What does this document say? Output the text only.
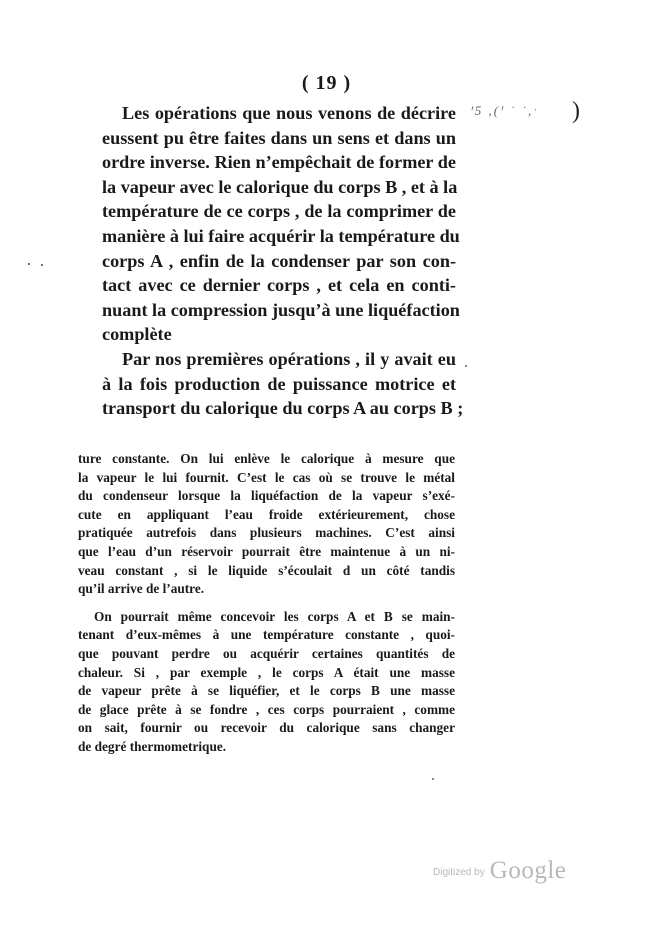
( 19 )
ꞌ5 ,(ꞌ ˙ ˙,ˑ )
Les opérations que nous venons de décrire
eussent pu être faites dans un sens et dans un
ordre inverse. Rien n’empêchait de former de
la vapeur avec le calorique du corps B , et à la
température de ce corps , de la comprimer de
manière à lui faire acquérir la température du
corps A , enfin de la condenser par son con-
tact avec ce dernier corps , et cela en conti-
nuant la compression jusqu’à une liquéfaction
complète
Par nos premières opérations , il y avait eu
à la fois production de puissance motrice et
transport du calorique du corps A au corps B ;
ture constante. On lui enlève le calorique à mesure que
la vapeur le lui fournit. C’est le cas où se trouve le métal
du condenseur lorsque la liquéfaction de la vapeur s’exé-
cute en appliquant l’eau froide extérieurement, chose
pratiquée autrefois dans plusieurs machines. C’est ainsi
que l’eau d’un réservoir pourrait être maintenue à un ni-
veau constant , si le liquide s’écoulait d un côté tandis
qu’il arrive de l’autre.
On pourrait même concevoir les corps A et B se main-
tenant d’eux-mêmes à une température constante , quoi-
que pouvant perdre ou acquérir certaines quantités de
chaleur. Si , par exemple , le corps A était une masse
de vapeur prête à se liquéfier, et le corps B une masse
de glace prête à se fondre , ces corps pourraient , comme
on sait, fournir ou recevoir du calorique sans changer
de degré thermometrique.
Digitized by Google
